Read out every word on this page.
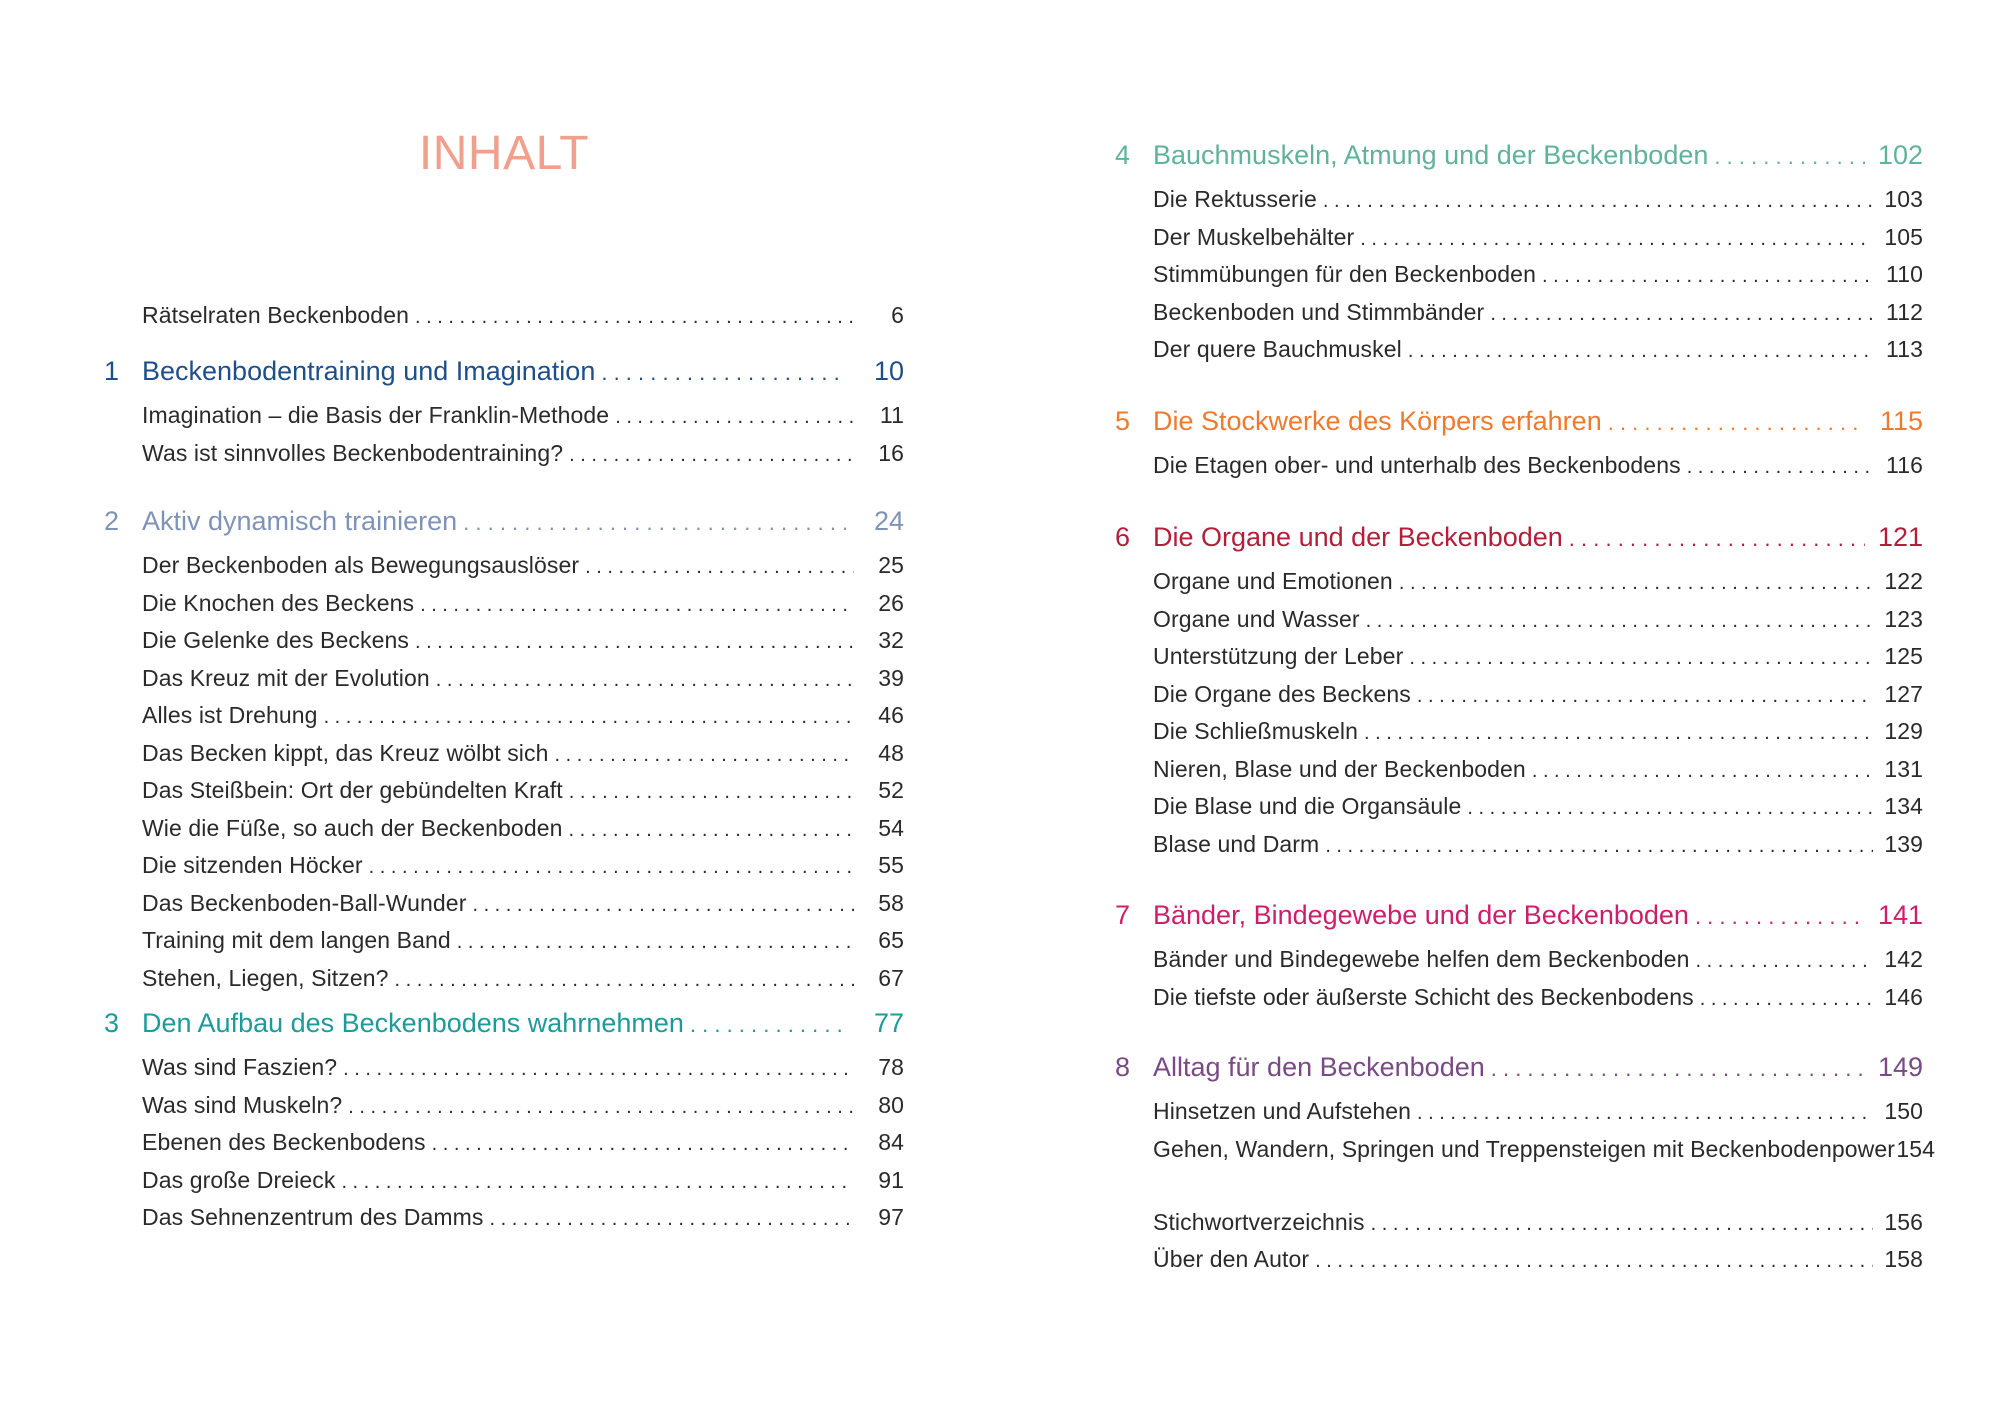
INHALT
Rätselraten Beckenboden . . .	6
1 Beckenbodentraining und Imagination . . .	10
Imagination – die Basis der Franklin-Methode . . .	11
Was ist sinnvolles Beckenbodentraining? . . .	16
2 Aktiv dynamisch trainieren . . .	24
Der Beckenboden als Bewegungsauslöser . . .	25
Die Knochen des Beckens . . .	26
Die Gelenke des Beckens . . .	32
Das Kreuz mit der Evolution . . .	39
Alles ist Drehung . . .	46
Das Becken kippt, das Kreuz wölbt sich . . .	48
Das Steißbein: Ort der gebündelten Kraft . . .	52
Wie die Füße, so auch der Beckenboden . . .	54
Die sitzenden Höcker . . .	55
Das Beckenboden-Ball-Wunder . . .	58
Training mit dem langen Band . . .	65
Stehen, Liegen, Sitzen? . . .	67
3 Den Aufbau des Beckenbodens wahrnehmen . . .	77
Was sind Faszien? . . .	78
Was sind Muskeln? . . .	80
Ebenen des Beckenbodens . . .	84
Das große Dreieck . . .	91
Das Sehnenzentrum des Damms . . .	97
4 Bauchmuskeln, Atmung und der Beckenboden . . .	102
Die Rektusserie . . .	103
Der Muskelbehälter . . .	105
Stimmübungen für den Beckenboden . . .	110
Beckenboden und Stimmbänder . . .	112
Der quere Bauchmuskel . . .	113
5 Die Stockwerke des Körpers erfahren . . .	115
Die Etagen ober- und unterhalb des Beckenbodens . . .	116
6 Die Organe und der Beckenboden . . .	121
Organe und Emotionen . . .	122
Organe und Wasser . . .	123
Unterstützung der Leber . . .	125
Die Organe des Beckens . . .	127
Die Schließmuskeln . . .	129
Nieren, Blase und der Beckenboden . . .	131
Die Blase und die Organsäule . . .	134
Blase und Darm . . .	139
7 Bänder, Bindegewebe und der Beckenboden . . .	141
Bänder und Bindegewebe helfen dem Beckenboden . . .	142
Die tiefste oder äußerste Schicht des Beckenbodens . . .	146
8 Alltag für den Beckenboden . . .	149
Hinsetzen und Aufstehen . . .	150
Gehen, Wandern, Springen und Treppensteigen mit Beckenbodenpower 154
Stichwortverzeichnis . . .	156
Über den Autor . . .	158
